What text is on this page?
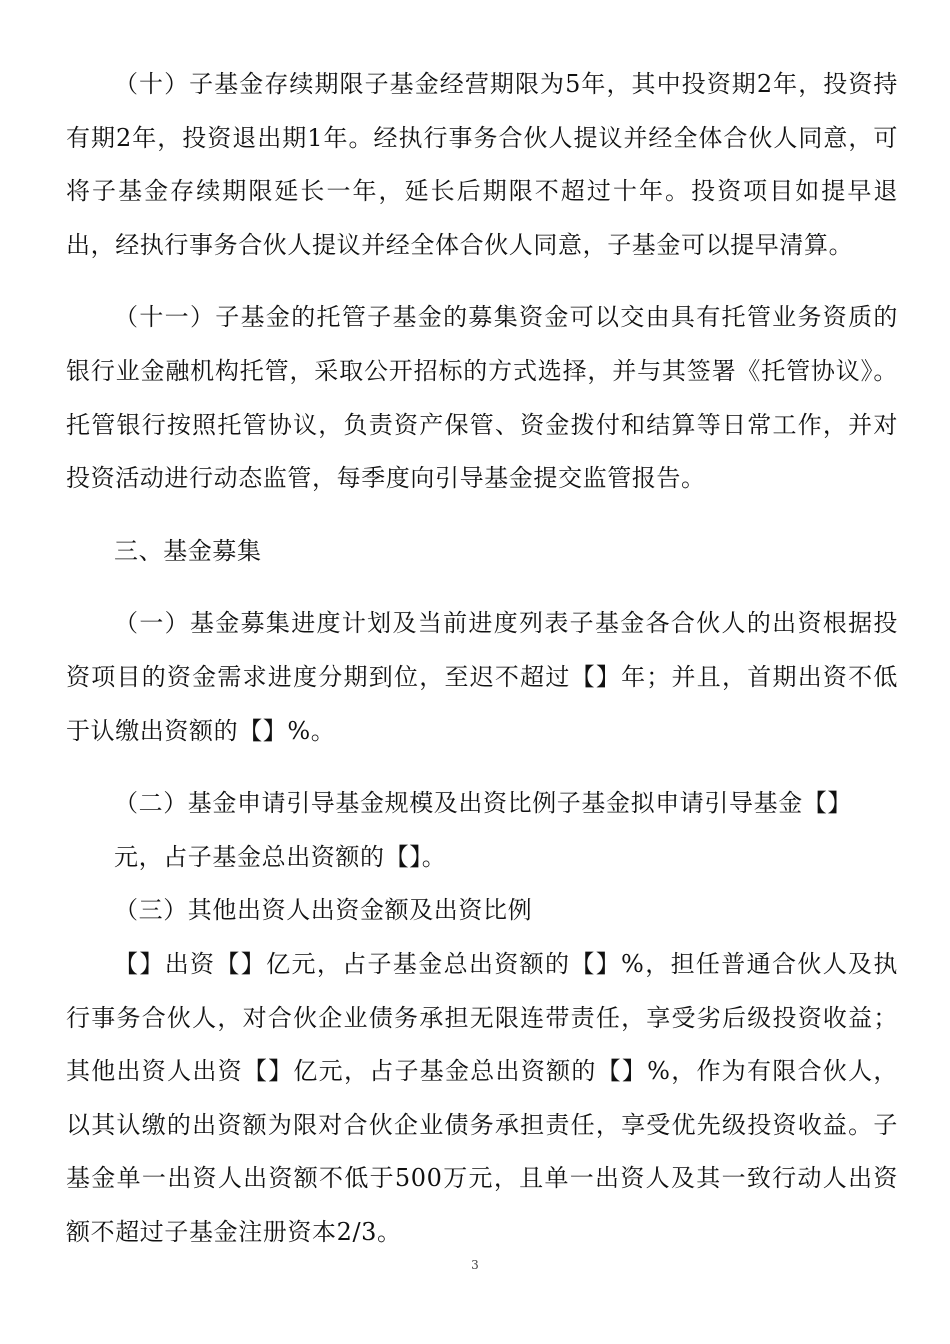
（十）子基金存续期限子基金经营期限为5年，其中投资期2年，投资持有期2年，投资退出期1年。经执行事务合伙人提议并经全体合伙人同意，可将子基金存续期限延长一年，延长后期限不超过十年。投资项目如提早退出，经执行事务合伙人提议并经全体合伙人同意，子基金可以提早清算。

（十一）子基金的托管子基金的募集资金可以交由具有托管业务资质的银行业金融机构托管，采取公开招标的方式选择，并与其签署《托管协议》。托管银行按照托管协议，负责资产保管、资金拨付和结算等日常工作，并对投资活动进行动态监管，每季度向引导基金提交监管报告。

三、基金募集

（一）基金募集进度计划及当前进度列表子基金各合伙人的出资根据投资项目的资金需求进度分期到位，至迟不超过【】年；并且，首期出资不低于认缴出资额的【】%。

（二）基金申请引导基金规模及出资比例子基金拟申请引导基金【】

元，占子基金总出资额的【】。

（三）其他出资人出资金额及出资比例

【】出资【】亿元，占子基金总出资额的【】%，担任普通合伙人及执行事务合伙人，对合伙企业债务承担无限连带责任，享受劣后级投资收益；其他出资人出资【】亿元，占子基金总出资额的【】%，作为有限合伙人，以其认缴的出资额为限对合伙企业债务承担责任，享受优先级投资收益。子基金单一出资人出资额不低于500万元，且单一出资人及其一致行动人出资额不超过子基金注册资本2/3。

3
